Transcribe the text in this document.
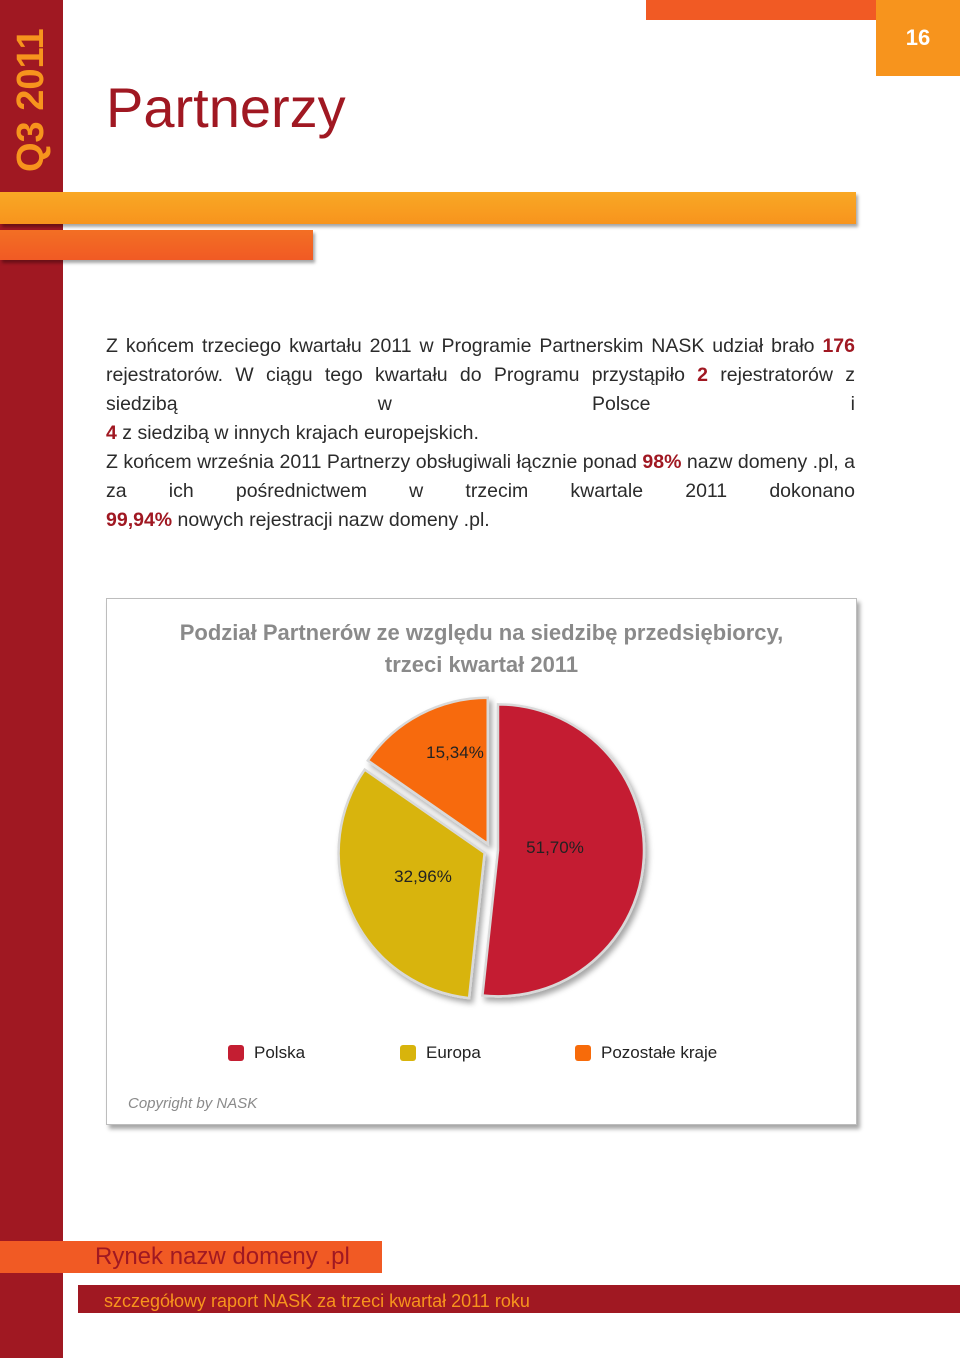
Q3 2011	16
Partnerzy

Z końcem trzeciego kwartału 2011 w Programie Partnerskim NASK udział brało 176 rejestratorów. W ciągu tego kwartału do Programu przystąpiło 2 rejestratorów z siedzibą w Polsce i
4 z siedzibą w innych krajach europejskich.

Z końcem września 2011 Partnerzy obsługiwali łącznie ponad 98% nazw domeny .pl, a za ich pośrednictwem w trzecim kwartale 2011 dokonano
99,94% nowych rejestracji nazw domeny .pl.

Podział Partnerów ze względu na siedzibę przedsiębiorcy,
trzeci kwartał 2011

51,70%
32,96%
15,34%
Polska	Europa	Pozostałe kraje
Copyright by NASK
Rynek nazw domeny .pl
szczegółowy raport NASK za trzeci kwartał 2011 roku
